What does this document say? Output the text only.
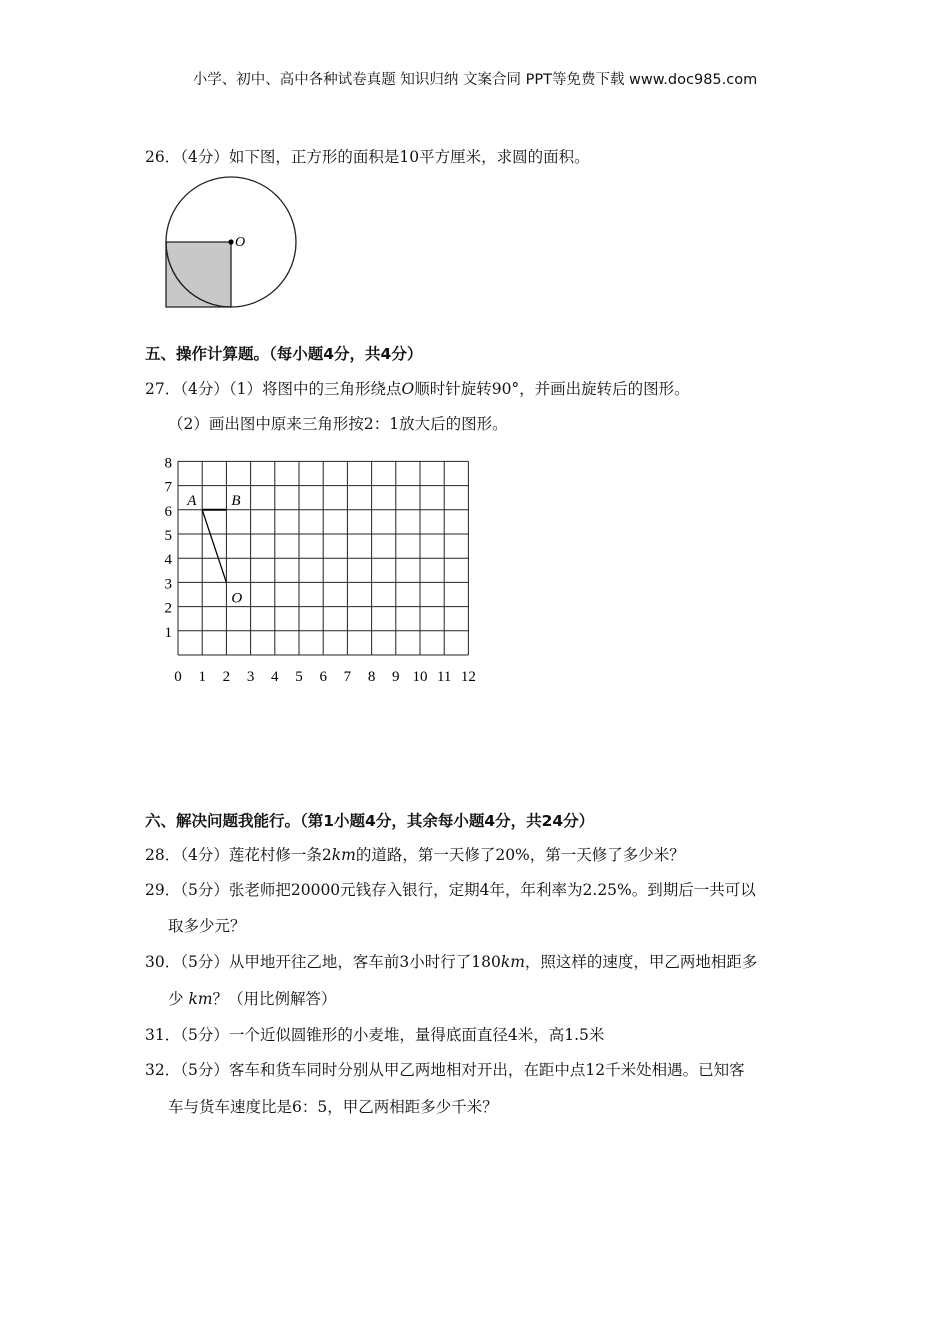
小学、初中、高中各种试卷真题 知识归纳 文案合同 PPT等免费下载 www.doc985.com
26．（4分）如下图，正方形的面积是10平方厘米，求圆的面积。
O
五、操作计算题。（每小题4分，共4分）
27．（4分）（1）将图中的三角形绕点O顺时针旋转90°，并画出旋转后的图形。
（2）画出图中原来三角形按2：1放大后的图形。
8
7
6
5
4
3
2
1
0 1 2 3 4 5 6 7 8 9 10 11 12
A B
O
六、解决问题我能行。（第1小题4分，其余每小题4分，共24分）
28．（4分）莲花村修一条2km的道路，第一天修了20%，第一天修了多少米？
29．（5分）张老师把20000元钱存入银行，定期4年，年利率为2.25%。到期后一共可以
取多少元？
30．（5分）从甲地开往乙地，客车前3小时行了180km，照这样的速度，甲乙两地相距多
少 km？（用比例解答）
31．（5分）一个近似圆锥形的小麦堆，量得底面直径4米，高1.5米
32．（5分）客车和货车同时分别从甲乙两地相对开出，在距中点12千米处相遇。已知客
车与货车速度比是6：5，甲乙两相距多少千米？
